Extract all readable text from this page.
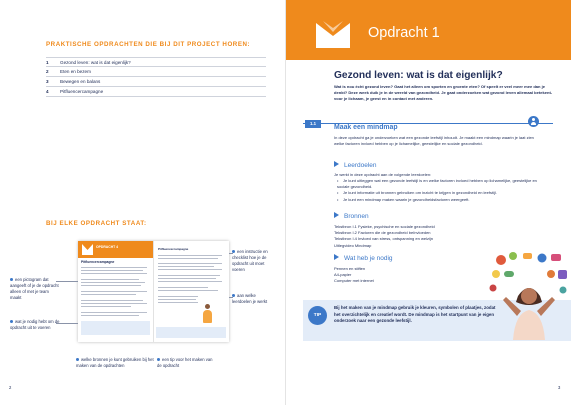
PRAKTISCHE OPDRACHTEN DIE BIJ DIT PROJECT HOREN:
1	Gezond leven: wat is dat eigenlijk?
2	Eten en bezem
3	Bewegen en balans
4	Pitfluencercampagne
BIJ ELKE OPDRACHT STAAT:
OPDRACHT 4
Pitfluencercampagne
Pitfluencercampagne
een pictogram dat aangeeft of je de opdracht alleen of met je team maakt
wat je nodig hebt om de opdracht uit te voeren
een instructie en checklist hoe je de opdracht uit moet voeren
aan welke leerdoelen je werkt
welke bronnen je kunt gebruiken bij het maken van de opdrachten
een tip voor het maken van de opdracht
2
Opdracht 1
Gezond leven: wat is dat eigenlijk?
Wat is nou écht gezond leven? Gaat het alleen om sporten en groente eten? Of speelt er veel meer mee dan je denkt? Deze week duik je in de wereld van gezondheid. Je gaat onderzoeken wat gezond leven allemaal betekent- voor je lichaam, je geest en in contact met anderen.
1.1
Maak een mindmap
In deze opdracht ga je onderzoeken wat een gezonde leefstijl inhoudt. Je maakt een mindmap waarin je laat zien welke factoren invloed hebben op je lichamelijke, geestelijke en sociale gezondheid.
Leerdoelen
Je werkt in deze opdracht aan de volgende leerdoelen:
• Je kunt uitleggen wat een gezonde leefstijl is en welke factoren invloed hebben op lichamelijke, geestelijke en sociale gezondheid.
• Je kunt informatie uit bronnen gebruiken om inzicht te krijgen in gezondheid en leefstijl.
• Je kunt een mindmap maken waarin je gezondheidsfactoren weergeeft.
Bronnen
Tekstbron I.1 Fysieke, psychische en sociale gezondheid
Tekstbron I.2 Factoren die de gezondheid beïnvloeden
Tekstbron I.4 Invloed van stress, ontspanning en welzijn
Uitlegvideo Mindmap
Wat heb je nodig
Pennen en stiften
A4-papier
Computer met internet
TIP
Bij het maken van je mindmap gebruik je kleuren, symbolen of plaatjes, zodat het overzichtelijk en creatief wordt. De mindmap is het startpunt van je eigen onderzoek naar een gezonde leefstijl.
3
